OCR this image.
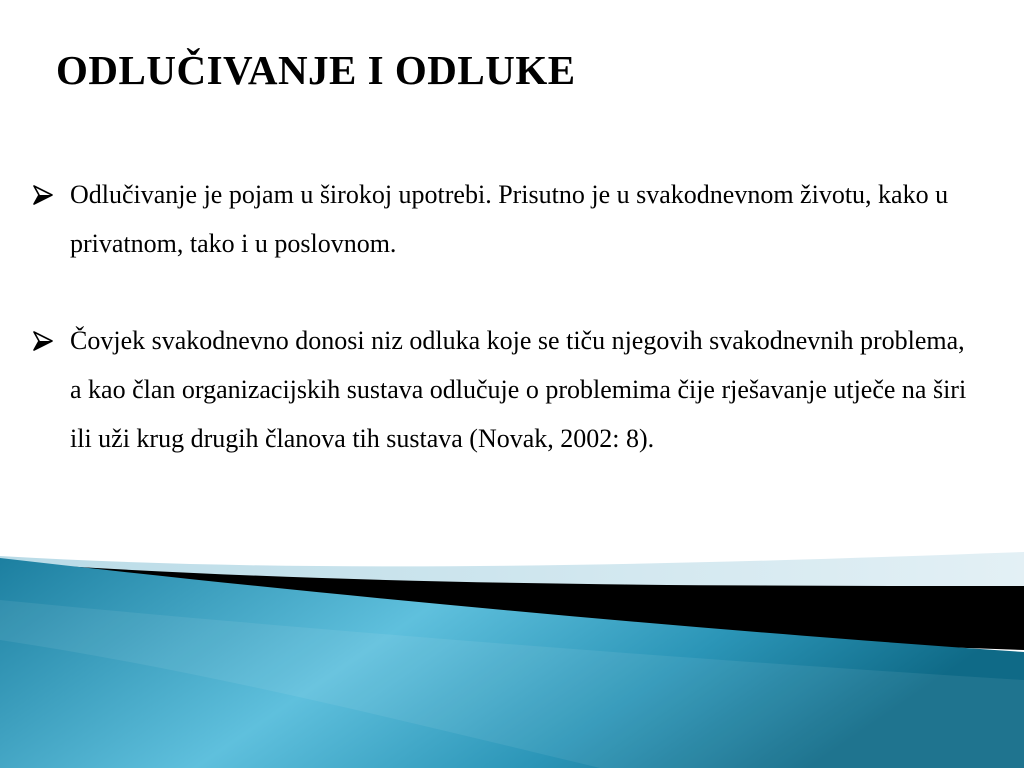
ODLUČIVANJE I ODLUKE
Odlučivanje je pojam u širokoj upotrebi. Prisutno je u svakodnevnom životu, kako u privatnom, tako i u poslovnom.
Čovjek svakodnevno donosi niz odluka koje se tiču njegovih svakodnevnih problema, a kao član organizacijskih sustava odlučuje o problemima čije rješavanje utječe na širi ili uži krug drugih članova tih sustava (Novak, 2002: 8).
